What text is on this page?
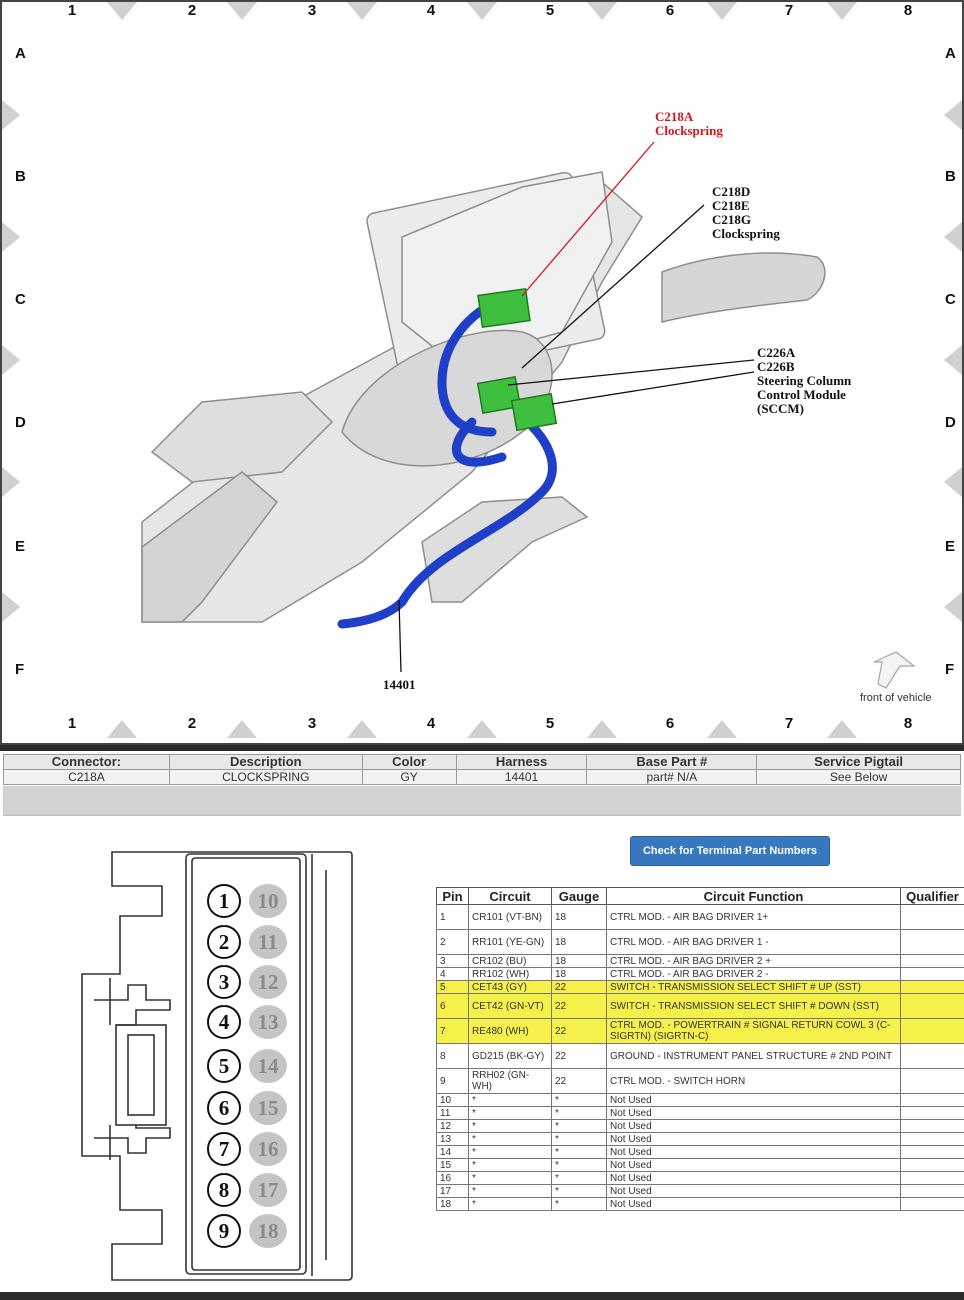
1	2	3	4	5	6	7	8
1	2	3	4	5	6	7	8
A
B
C
D
E
F
A
B
C
D
E
F
C218A
Clockspring
C218D
C218E
C218G
Clockspring
C226A
C226B
Steering Column
Control Module
(SCCM)
14401
front of vehicle
Connector:	Description	Color	Harness	Base Part #	Service Pigtail
C218A	CLOCKSPRING	GY	14401	part# N/A	See Below
1	10
2	11
3	12
4	13
5	14
6	15
7	16
8	17
9	18
Check for Terminal Part Numbers
Pin	Circuit	Gauge	Circuit Function	Qualifier
1	CR101 (VT-BN)	18	CTRL MOD. - AIR BAG DRIVER 1+	
2	RR101 (YE-GN)	18	CTRL MOD. - AIR BAG DRIVER 1 -	
3	CR102 (BU)	18	CTRL MOD. - AIR BAG DRIVER 2 +	
4	RR102 (WH)	18	CTRL MOD. - AIR BAG DRIVER 2 -	
5	CET43 (GY)	22	SWITCH - TRANSMISSION SELECT SHIFT # UP (SST)	
6	CET42 (GN-VT)	22	SWITCH - TRANSMISSION SELECT SHIFT # DOWN (SST)	
7	RE480 (WH)	22	CTRL MOD. - POWERTRAIN # SIGNAL RETURN COWL 3 (C-SIGRTN) (SIGRTN-C)	
8	GD215 (BK-GY)	22	GROUND - INSTRUMENT PANEL STRUCTURE # 2ND POINT	
9	RRH02 (GN-WH)	22	CTRL MOD. - SWITCH HORN	
10	*	*	Not Used	
11	*	*	Not Used	
12	*	*	Not Used	
13	*	*	Not Used	
14	*	*	Not Used	
15	*	*	Not Used	
16	*	*	Not Used	
17	*	*	Not Used	
18	*	*	Not Used	
